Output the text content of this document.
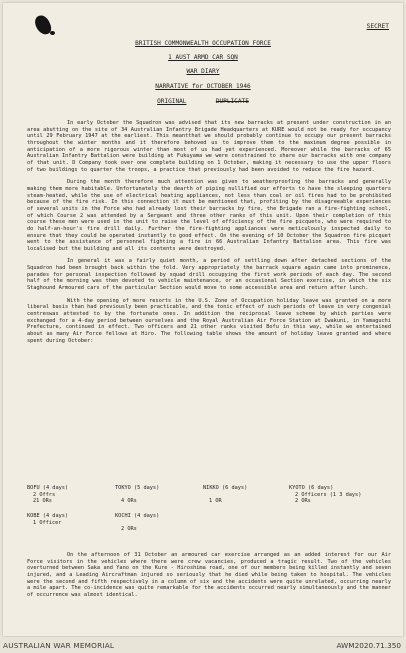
SECRET
BRITISH COMMONWEALTH OCCUPATION FORCE
1 AUST ARMD CAR SQN
WAR DIARY
NARRATIVE for OCTOBER 1946
ORIGINAL	DUPLICATE

In early October the Squadron was advised that its new barracks at present under construction in an area abutting on the site of 34 Australian Infantry Brigade Headquarters at KURE would not be ready for occupancy until 29 February 1947 at the earliest. This meantthat we should probably continue to occupy our present barracks throughout the winter months and it therefore behoved us to improve them to the maximum degree possible in anticipation of a more rigorous winter than most of us had yet experienced. Moreover while the barracks of 65 Australian Infantry Battalion were building at Fukuyama we were constrained to share our barracks with one company of that unit. D Company took over one complete building on 1 October, making it necessary to use the upper floors of two buildings to quarter the troops, a practice that previously had been avoided to reduce the fire hazard.

During the month therefore much attention was given to weatherproofing the barracks and generally making them more habitable. Unfortunately the dearth of piping nullified our efforts to have the sleeping quarters steam-heated, while the use of electrical heating appliances, not less than coal or oil fires had to be prohibited because of the fire risk. In this connection it must be mentioned that, profiting by the disagreeable experiences of several units in the Force who had already lost their barracks by fire, the Brigade ran a fire-fighting school, of which Course 2 was attended by a Sergeant and three other ranks of this unit. Upon their completion of this course these men were used in the unit to raise the level of efficiency of the fire picquets, who were required to do half-an-hour's fire drill daily. Further the fire-fighting appliances were meticulously inspected daily to ensure that they could be operated instantly to good effect. On the evening of 10 October the Squadron fire picquet went to the assistance of personnel fighting a fire in 66 Australian Infantry Battalion area. This fire was localised but the building and all its contents were destroyed.

In general it was a fairly quiet month, a period of settling down after detached sections of the Squadron had been brought back within the fold. Very appropriately the barrack square again came into prominence, parades for personal inspection followed by squad drill occupying the first work periods of each day. The second half of the morning was then devoted to vehicle maintenance, or an occasional Section exercise, in which the six Staghound Armoured cars of the particular Section would move to some accessible area and return after lunch.

With the opening of more resorts in the U.S. Zone of Occupation holiday leave was granted on a more liberal basis than had previously been practicable, and the tonic effect of such periods of leave in very congenial centreswas attested to by the fortunate ones. In addition the reciprocal leave scheme by which parties were exchanged for a 4-day period between ourselves and the Royal Australian Air Force Station at Iwakuni, in Yamaguchi Prefecture, continued in effect. Two officers and 21 other ranks visited Bofu in this way, while we entertained about as many Air Force fellows at Hiro. The following table shows the amount of holiday leave granted and where spent during October:

BOFU (4 days)
2 Offrs
21 ORs
TOKYO (5 days)

4 ORs
NIKKO (6 days)

1 OR
KYOTO (6 days)
2 Officers (1 3 days)
2 ORs
KOBE (4 days)
1 Officer
KOCHI (4 days)

2 ORs

On the afternoon of 31 October an armoured car exercise arranged as an added interest for our Air Force visitors in the vehicles where there were crew vacancies, produced a tragic result. Two of the vehicles overturned between Saka and Yano on the Kure - Hiroshima road, one of our members being killed instantly and seven injured, and a Leading Aircraftman injured so seriously that he died while being taken to hospital. The vehicles were the second and fifth respectively in a column of six and the accidents were quite unrelated, occurring nearly a mile apart. The co-incidence was quite remarkable for the accidents occurred nearly simultaneously and the manner of occurrence was almost identical.

AUSTRALIAN WAR MEMORIAL	AWM2020.71.350
